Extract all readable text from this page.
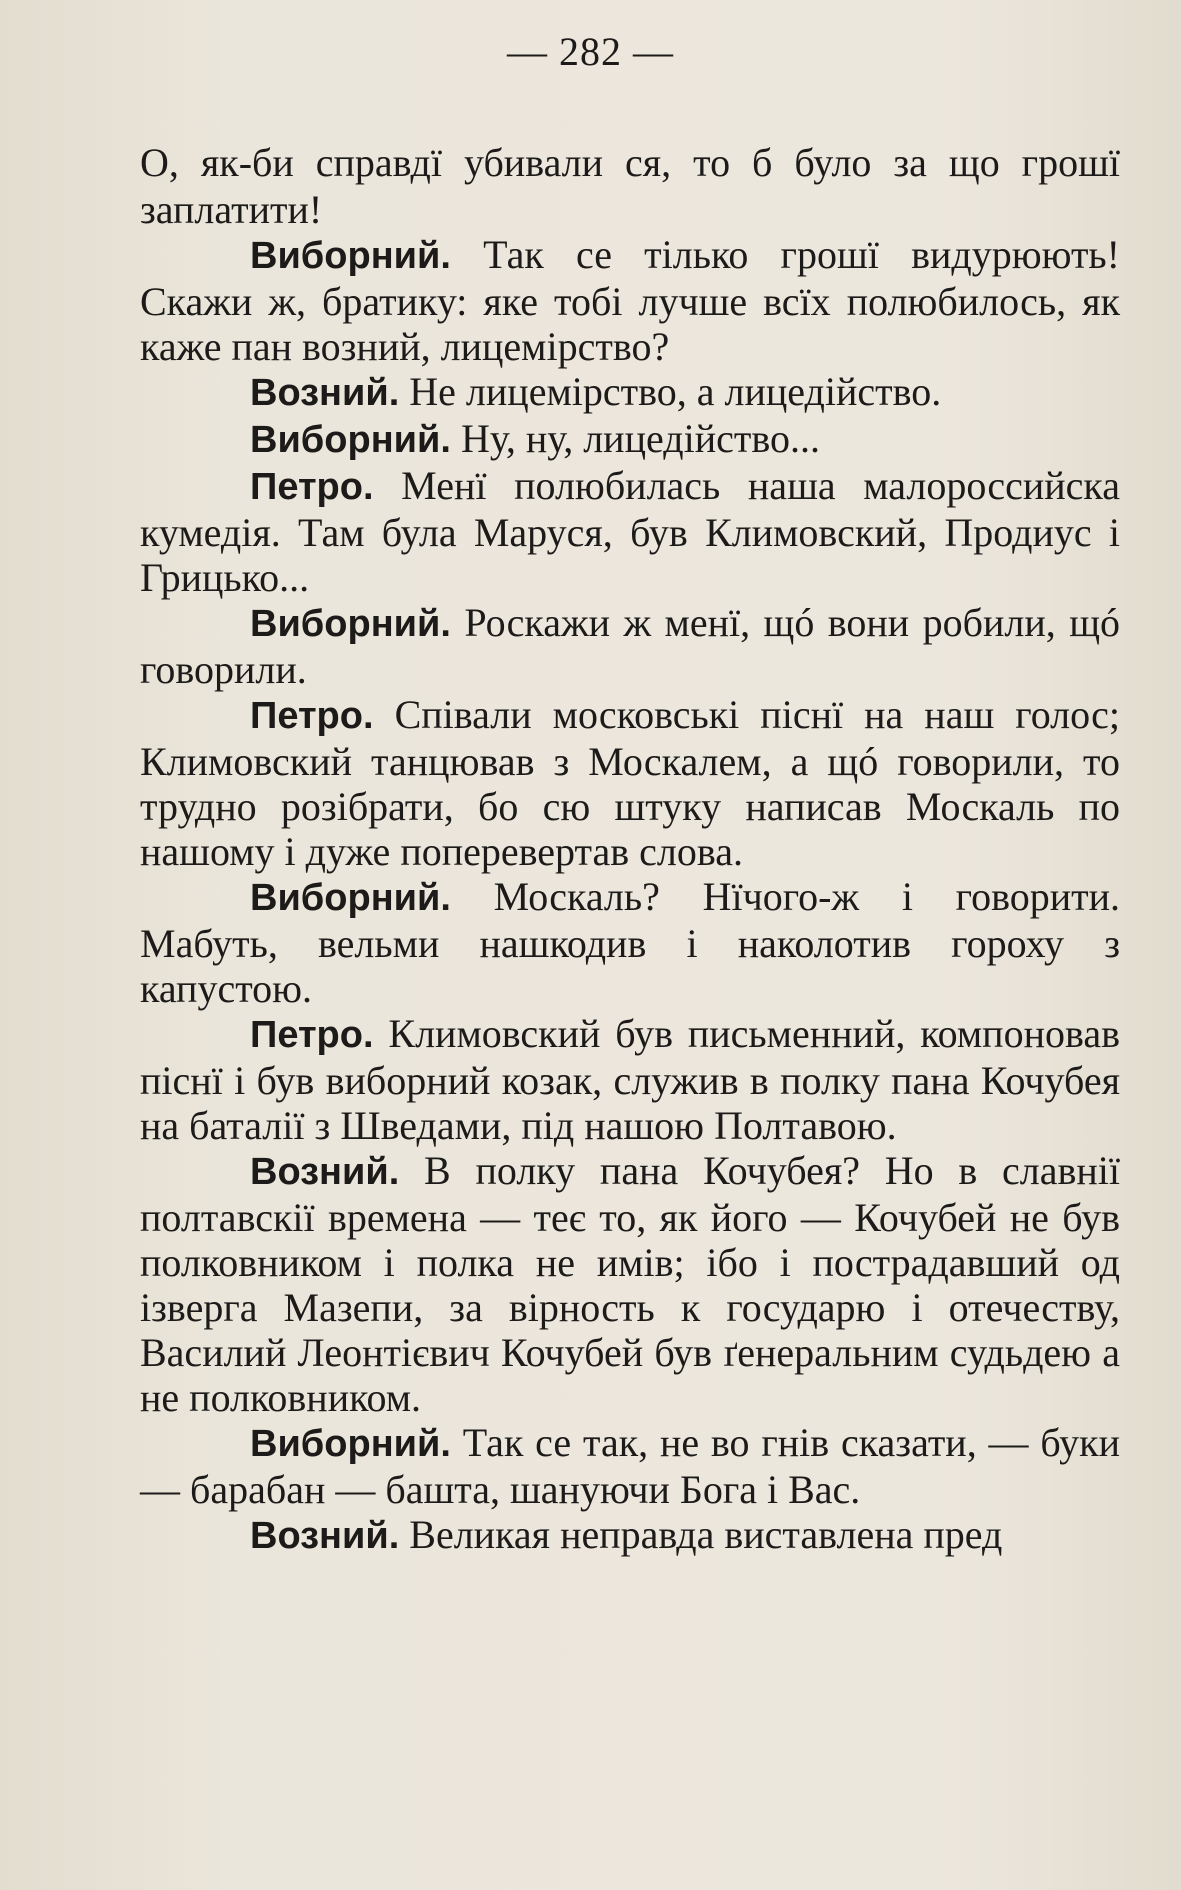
— 282 —

О, як-би справдї убивали ся, то б було за що грошї заплатити!

Виборний. Так се тілько грошї видурюють! Скажи ж, братику: яке тобі лучше всїх полюбилось, як каже пан возний, лицемірство?

Возний. Не лицемірство, а лицедійство.

Виборний. Ну, ну, лицедійство...

Петро. Менї полюбилась наша малороссийска кумедія. Там була Маруся, був Климовский, Продиус і Грицько...

Виборний. Роскажи ж менї, щó вони робили, щó говорили.

Петро. Співали московські піснї на наш голос; Климовский танцював з Москалем, а щó говорили, то трудно розібрати, бо сю штуку написав Москаль по нашому і дуже поперевертав слова.

Виборний. Москаль? Нїчого-ж і говорити. Мабуть, вельми нашкодив і наколотив гороху з капустою.

Петро. Климовский був письменний, компоновав піснї і був виборний козак, служив в полку пана Кочубея на баталії з Шведами, під нашою Полтавою.

Возний. В полку пана Кочубея? Но в славнії полтавскії времена — теє то, як його — Кочубей не був полковником і полка не имів; ібо і пострадавший од ізверга Мазепи, за вірность к государю і отечеству, Василий Леонтієвич Кочубей був ґенеральним судьдею а не полковником.

Виборний. Так се так, не во гнів сказати, — буки — барабан — башта, шануючи Бога і Вас.

Возний. Великая неправда виставлена пред
